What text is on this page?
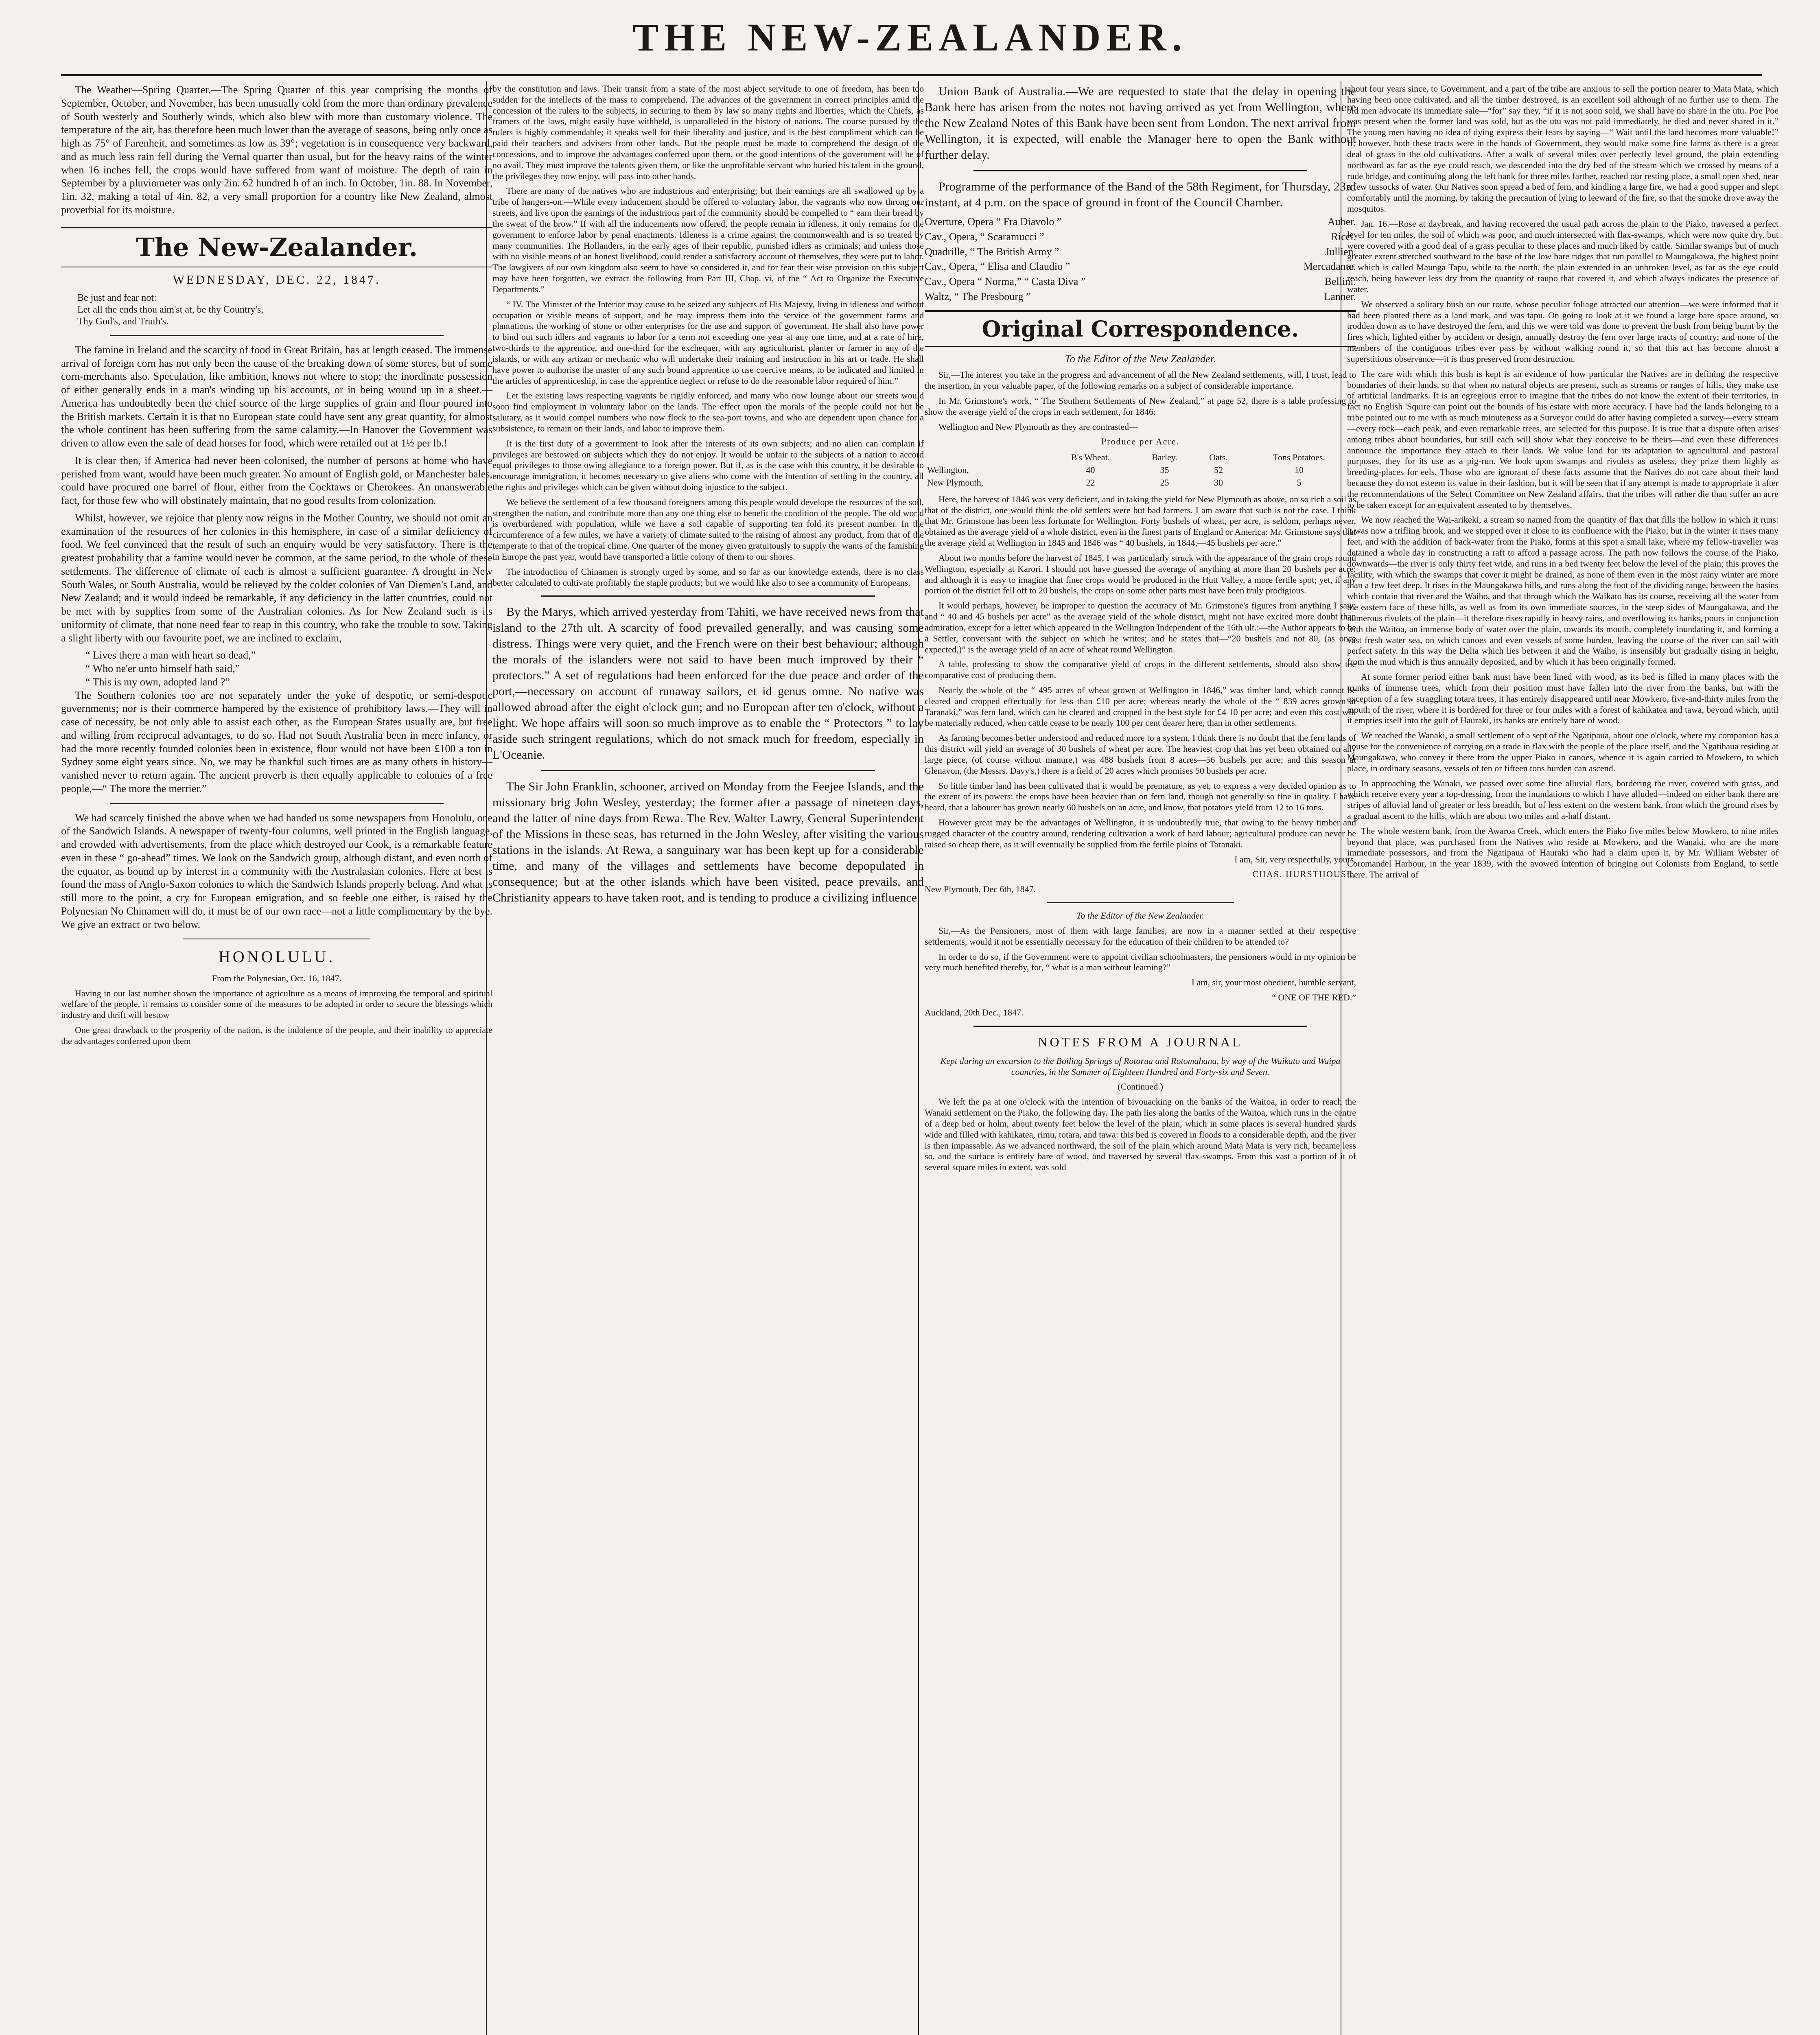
THE NEW-ZEALANDER.

The Weather—Spring Quarter.—The Spring Quarter of this year comprising the months of September, October, and November, has been unusually cold from the more than ordinary prevalence of South westerly and Southerly winds, which also blew with more than customary violence. The temperature of the air, has therefore been much lower than the average of seasons, being only once as high as 75° of Farenheit, and sometimes as low as 39°; vegetation is in consequence very backward, and as much less rain fell during the Vernal quarter than usual, but for the heavy rains of the winter when 16 inches fell, the crops would have suffered from want of moisture. The depth of rain in September by a pluviometer was only 2in. 62 hundred h of an inch. In October, 1in. 88. In November, 1in. 32, making a total of 4in. 82, a very small proportion for a country like New Zealand, almost proverbial for its moisture.

The New-Zealander.
WEDNESDAY, DEC. 22, 1847.
Be just and fear not:
Let all the ends thou aim'st at, be thy Country's,
Thy God's, and Truth's.

The famine in Ireland and the scarcity of food in Great Britain, has at length ceased. The immense arrival of foreign corn has not only been the cause of the breaking down of some stores, but of some corn-merchants also. Speculation, like ambition, knows not where to stop; the inordinate possession of either generally ends in a man's winding up his accounts, or in being wound up in a sheet.—America has undoubtedly been the chief source of the large supplies of grain and flour poured into the British markets. Certain it is that no European state could have sent any great quantity, for almost the whole continent has been suffering from the same calamity.—In Hanover the Government was driven to allow even the sale of dead horses for food, which were retailed out at 1½ per lb.!

It is clear then, if America had never been colonised, the number of persons at home who have perished from want, would have been much greater. No amount of English gold, or Manchester bales, could have procured one barrel of flour, either from the Cocktaws or Cherokees. An unanswerable fact, for those few who will obstinately maintain, that no good results from colonization.

Whilst, however, we rejoice that plenty now reigns in the Mother Country, we should not omit an examination of the resources of her colonies in this hemisphere, in case of a similar deficiency of food. We feel convinced that the result of such an enquiry would be very satisfactory. There is the greatest probability that a famine would never be common, at the same period, to the whole of these settlements. The difference of climate of each is almost a sufficient guarantee. A drought in New South Wales, or South Australia, would be relieved by the colder colonies of Van Diemen's Land, and New Zealand; and it would indeed be remarkable, if any deficiency in the latter countries, could not be met with by supplies from some of the Australian colonies. As for New Zealand such is its uniformity of climate, that none need fear to reap in this country, who take the trouble to sow. Taking a slight liberty with our favourite poet, we are inclined to exclaim,

“ Lives there a man with heart so dead,”
“ Who ne'er unto himself hath said,”
“ This is my own, adopted land ?”

The Southern colonies too are not separately under the yoke of despotic, or semi-despotic governments; nor is their commerce hampered by the existence of prohibitory laws.—They will in case of necessity, be not only able to assist each other, as the European States usually are, but free and willing from reciprocal advantages, to do so. Had not South Australia been in mere infancy, or had the more recently founded colonies been in existence, flour would not have been £100 a ton in Sydney some eight years since. No, we may be thankful such times are as many others in history—vanished never to return again. The ancient proverb is then equally applicable to colonies of a free people,—“ The more the merrier.”

We had scarcely finished the above when we had handed us some newspapers from Honolulu, one of the Sandwich Islands. A newspaper of twenty-four columns, well printed in the English language, and crowded with advertisements, from the place which destroyed our Cook, is a remarkable feature even in these “ go-ahead” times. We look on the Sandwich group, although distant, and even north of the equator, as bound up by interest in a community with the Australasian colonies. Here at best is found the mass of Anglo-Saxon colonies to which the Sandwich Islands properly belong. And what is still more to the point, a cry for European emigration, and so feeble one either, is raised by the Polynesian No Chinamen will do, it must be of our own race—not a little complimentary by the bye. We give an extract or two below.

HONOLULU.

From the Polynesian, Oct. 16, 1847.

Having in our last number shown the importance of agriculture as a means of improving the temporal and spiritual welfare of the people, it remains to consider some of the measures to be adopted in order to secure the blessings which industry and thrift will bestow

One great drawback to the prosperity of the nation, is the indolence of the people, and their inability to appreciate the advantages conferred upon them

by the constitution and laws. Their transit from a state of the most abject servitude to one of freedom, has been too sudden for the intellects of the mass to comprehend. The advances of the government in correct principles amid the concession of the rulers to the subjects, in securing to them by law so many rights and liberties, which the Chiefs, as framers of the laws, might easily have withheld, is unparalleled in the history of nations. The course pursued by the rulers is highly commendable; it speaks well for their liberality and justice, and is the best compliment which can be paid their teachers and advisers from other lands. But the people must be made to comprehend the design of the concessions, and to improve the advantages conferred upon them, or the good intentions of the government will be of no avail. They must improve the talents given them, or like the unprofitable servant who buried his talent in the ground, the privileges they now enjoy, will pass into other hands.

There are many of the natives who are industrious and enterprising; but their earnings are all swallowed up by a tribe of hangers-on.—While every inducement should be offered to voluntary labor, the vagrants who now throng our streets, and live upon the earnings of the industrious part of the community should be compelled to “ earn their bread by the sweat of the brow.” If with all the inducements now offered, the people remain in idleness, it only remains for the government to enforce labor by penal enactments. Idleness is a crime against the commonwealth and is so treated by many communities. The Hollanders, in the early ages of their republic, punished idlers as criminals; and unless those with no visible means of an honest livelihood, could render a satisfactory account of themselves, they were put to labor. The lawgivers of our own kingdom also seem to have so considered it, and for fear their wise provision on this subject may have been forgotten, we extract the following from Part III, Chap. vi, of the “ Act to Organize the Executive Departments.”

“ IV. The Minister of the Interior may cause to be seized any subjects of His Majesty, living in idleness and without occupation or visible means of support, and he may impress them into the service of the government farms and plantations, the working of stone or other enterprises for the use and support of government. He shall also have power to bind out such idlers and vagrants to labor for a term not exceeding one year at any one time, and at a rate of hire, two-thirds to the apprentice, and one-third for the exchequer, with any agriculturist, planter or farmer in any of the islands, or with any artizan or mechanic who will undertake their training and instruction in his art or trade. He shall have power to authorise the master of any such bound apprentice to use coercive means, to be indicated and limited in the articles of apprenticeship, in case the apprentice neglect or refuse to do the reasonable labor required of him.”

Let the existing laws respecting vagrants be rigidly enforced, and many who now lounge about our streets would soon find employment in voluntary labor on the lands. The effect upon the morals of the people could not but be salutary, as it would compel numbers who now flock to the sea-port towns, and who are dependent upon chance for a subsistence, to remain on their lands, and labor to improve them.

It is the first duty of a government to look after the interests of its own subjects; and no alien can complain if privileges are bestowed on subjects which they do not enjoy. It would be unfair to the subjects of a nation to accord equal privileges to those owing allegiance to a foreign power. But if, as is the case with this country, it be desirable to encourage immigration, it becomes necessary to give aliens who come with the intention of settling in the country, all the rights and privileges which can be given without doing injustice to the subject.

We believe the settlement of a few thousand foreigners among this people would develope the resources of the soil, strengthen the nation, and contribute more than any one thing else to benefit the condition of the people. The old world is overburdened with population, while we have a soil capable of supporting ten fold its present number. In the circumference of a few miles, we have a variety of climate suited to the raising of almost any product, from that of the temperate to that of the tropical clime. One quarter of the money given gratuitously to supply the wants of the famishing in Europe the past year, would have transported a little colony of them to our shores.

The introduction of Chinamen is strongly urged by some, and so far as our knowledge extends, there is no class better calculated to cultivate profitably the staple products; but we would like also to see a community of Europeans.

By the Marys, which arrived yesterday from Tahiti, we have received news from that island to the 27th ult. A scarcity of food prevailed generally, and was causing some distress. Things were very quiet, and the French were on their best behaviour; although the morals of the islanders were not said to have been much improved by their “ protectors.” A set of regulations had been enforced for the due peace and order of the port,—necessary on account of runaway sailors, et id genus omne. No native was allowed abroad after the eight o'clock gun; and no European after ten o'clock, without a light. We hope affairs will soon so much improve as to enable the “ Protectors ” to lay aside such stringent regulations, which do not smack much for freedom, especially in L'Oceanie.

The Sir John Franklin, schooner, arrived on Monday from the Feejee Islands, and the missionary brig John Wesley, yesterday; the former after a passage of nineteen days, and the latter of nine days from Rewa. The Rev. Walter Lawry, General Superintendent of the Missions in these seas, has returned in the John Wesley, after visiting the various stations in the islands. At Rewa, a sanguinary war has been kept up for a considerable time, and many of the villages and settlements have become depopulated in consequence; but at the other islands which have been visited, peace prevails, and Christianity appears to have taken root, and is tending to produce a civilizing influence.

Union Bank of Australia.—We are requested to state that the delay in opening the Bank here has arisen from the notes not having arrived as yet from Wellington, where the New Zealand Notes of this Bank have been sent from London. The next arrival from Wellington, it is expected, will enable the Manager here to open the Bank without further delay.

Programme of the performance of the Band of the 58th Regiment, for Thursday, 23rd instant, at 4 p.m. on the space of ground in front of the Council Chamber.

Overture, Opera “ Fra Diavolo ”	Auber.
Cav., Opera, “ Scaramucci ”	Ricci.
Quadrille, “ The British Army ”	Jullien.
Cav., Opera, “ Elisa and Claudio ”	Mercadante.
Cav., Opera “ Norma,” “ Casta Diva ”	Bellini.
Waltz, “ The Presbourg ”	Lanner.
Original Correspondence.

To the Editor of the New Zealander.

Sir,—The interest you take in the progress and advancement of all the New Zealand settlements, will, I trust, lead to the insertion, in your valuable paper, of the following remarks on a subject of considerable importance.

In Mr. Grimstone's work, “ The Southern Settlements of New Zealand,” at page 52, there is a table professing to show the average yield of the crops in each settlement, for 1846:

Wellington and New Plymouth as they are contrasted—

Produce per Acre.

	B's Wheat.	Barley.	Oats.	Tons Potatoes.
Wellington,	40	35	52	10
New Plymouth,	22	25	30	5

Here, the harvest of 1846 was very deficient, and in taking the yield for New Plymouth as above, on so rich a soil as that of the district, one would think the old settlers were but bad farmers. I am aware that such is not the case. I think that Mr. Grimstone has been less fortunate for Wellington. Forty bushels of wheat, per acre, is seldom, perhaps never, obtained as the average yield of a whole district, even in the finest parts of England or America: Mr. Grimstone says that the average yield at Wellington in 1845 and 1846 was “ 40 bushels, in 1844,—45 bushels per acre.”

About two months before the harvest of 1845, I was particularly struck with the appearance of the grain crops round Wellington, especially at Karori. I should not have guessed the average of anything at more than 20 bushels per acre; and although it is easy to imagine that finer crops would be produced in the Hutt Valley, a more fertile spot; yet, if any portion of the district fell off to 20 bushels, the crops on some other parts must have been truly prodigious.

It would perhaps, however, be improper to question the accuracy of Mr. Grimstone's figures from anything I saw; and “ 40 and 45 bushels per acre” as the average yield of the whole district, might not have excited more doubt than admiration, except for a letter which appeared in the Wellington Independent of the 16th ult.:—the Author appears to be a Settler, conversant with the subject on which he writes; and he states that—“20 bushels and not 80, (as once expected,)” is the average yield of an acre of wheat round Wellington.

A table, professing to show the comparative yield of crops in the different settlements, should also show the comparative cost of producing them.

Nearly the whole of the “ 495 acres of wheat grown at Wellington in 1846,” was timber land, which cannot be cleared and cropped effectually for less than £10 per acre; whereas nearly the whole of the “ 839 acres grown at Taranaki,” was fern land, which can be cleared and cropped in the best style for £4 10 per acre; and even this cost will be materially reduced, when cattle cease to be nearly 100 per cent dearer here, than in other settlements.

As farming becomes better understood and reduced more to a system, I think there is no doubt that the fern lands of this district will yield an average of 30 bushels of wheat per acre. The heaviest crop that has yet been obtained on any large piece, (of course without manure,) was 488 bushels from 8 acres—56 bushels per acre; and this season at Glenavon, (the Messrs. Davy's,) there is a field of 20 acres which promises 50 bushels per acre.

So little timber land has been cultivated that it would be premature, as yet, to express a very decided opinion as to the extent of its powers: the crops have been heavier than on fern land, though not generally so fine in quality. I have heard, that a labourer has grown nearly 60 bushels on an acre, and know, that potatoes yield from 12 to 16 tons.

However great may be the advantages of Wellington, it is undoubtedly true, that owing to the heavy timber and rugged character of the country around, rendering cultivation a work of hard labour; agricultural produce can never be raised so cheap there, as it will eventually be supplied from the fertile plains of Taranaki.

I am, Sir, very respectfully, yours,

CHAS. HURSTHOUSE.

New Plymouth, Dec 6th, 1847.

To the Editor of the New Zealander.

Sir,—As the Pensioners, most of them with large families, are now in a manner settled at their respective settlements, would it not be essentially necessary for the education of their children to be attended to?

In order to do so, if the Government were to appoint civilian schoolmasters, the pensioners would in my opinion be very much benefited thereby, for, “ what is a man without learning?”

I am, sir, your most obedient, humble servant,

“ ONE OF THE RED.”

Auckland, 20th Dec., 1847.

NOTES FROM A JOURNAL

Kept during an excursion to the Boiling Springs of Rotorua and Rotomahana, by way of the Waikato and Waipa countries, in the Summer of Eighteen Hundred and Forty-six and Seven.

(Continued.)

We left the pa at one o'clock with the intention of bivouacking on the banks of the Waitoa, in order to reach the Wanaki settlement on the Piako, the following day. The path lies along the banks of the Waitoa, which runs in the centre of a deep bed or holm, about twenty feet below the level of the plain, which in some places is several hundred yards wide and filled with kahikatea, rimu, totara, and tawa: this bed is covered in floods to a considerable depth, and the river is then impassable. As we advanced northward, the soil of the plain which around Mata Mata is very rich, became less so, and the surface is entirely bare of wood, and traversed by several flax-swamps. From this vast a portion of it of several square miles in extent, was sold

about four years since, to Government, and a part of the tribe are anxious to sell the portion nearer to Mata Mata, which having been once cultivated, and all the timber destroyed, is an excellent soil although of no further use to them. The old men advocate its immediate sale—“for” say they, “if it is not soon sold, we shall have no share in the utu. Poe Poe was present when the former land was sold, but as the utu was not paid immediately, he died and never shared in it.” The young men having no idea of dying express their fears by saying—“ Wait until the land becomes more valuable!” If, however, both these tracts were in the hands of Government, they would make some fine farms as there is a great deal of grass in the old cultivations. After a walk of several miles over perfectly level ground, the plain extending northward as far as the eye could reach, we descended into the dry bed of the stream which we crossed by means of a rude bridge, and continuing along the left bank for three miles farther, reached our resting place, a small open shed, near a few tussocks of water. Our Natives soon spread a bed of fern, and kindling a large fire, we had a good supper and slept comfortably until the morning, by taking the precaution of lying to leeward of the fire, so that the smoke drove away the mosquitos.

Jan. 16.—Rose at daybreak, and having recovered the usual path across the plain to the Piako, traversed a perfect level for ten miles, the soil of which was poor, and much intersected with flax-swamps, which were now quite dry, but were covered with a good deal of a grass peculiar to these places and much liked by cattle. Similar swamps but of much greater extent stretched southward to the base of the low bare ridges that run parallel to Maungakawa, the highest point of which is called Maunga Tapu, while to the north, the plain extended in an unbroken level, as far as the eye could reach, being however less dry from the quantity of raupo that covered it, and which always indicates the presence of water.

We observed a solitary bush on our route, whose peculiar foliage attracted our attention—we were informed that it had been planted there as a land mark, and was tapu. On going to look at it we found a large bare space around, so trodden down as to have destroyed the fern, and this we were told was done to prevent the bush from being burnt by the fires which, lighted either by accident or design, annually destroy the fern over large tracts of country; and none of the members of the contiguous tribes ever pass by without walking round it, so that this act has become almost a superstitious observance—it is thus preserved from destruction.

The care with which this bush is kept is an evidence of how particular the Natives are in defining the respective boundaries of their lands, so that when no natural objects are present, such as streams or ranges of hills, they make use of artificial landmarks. It is an egregious error to imagine that the tribes do not know the extent of their territories, in fact no English 'Squire can point out the bounds of his estate with more accuracy. I have had the lands belonging to a tribe pointed out to me with as much minuteness as a Surveyor could do after having completed a survey—every stream—every rock—each peak, and even remarkable trees, are selected for this purpose. It is true that a dispute often arises among tribes about boundaries, but still each will show what they conceive to be theirs—and even these differences announce the importance they attach to their lands. We value land for its adaptation to agricultural and pastoral purposes, they for its use as a pig-run. We look upon swamps and rivulets as useless, they prize them highly as breeding-places for eels. Those who are ignorant of these facts assume that the Natives do not care about their land because they do not esteem its value in their fashion, but it will be seen that if any attempt is made to appropriate it after the recommendations of the Select Committee on New Zealand affairs, that the tribes will rather die than suffer an acre to be taken except for an equivalent assented to by themselves.

We now reached the Wai-arikeki, a stream so named from the quantity of flax that fills the hollow in which it runs: it was now a trifling brook, and we stepped over it close to its confluence with the Piako; but in the winter it rises many feet, and with the addition of back-water from the Piako, forms at this spot a small lake, where my fellow-traveller was detained a whole day in constructing a raft to afford a passage across. The path now follows the course of the Piako, downwards—the river is only thirty feet wide, and runs in a bed twenty feet below the level of the plain; this proves the facility, with which the swamps that cover it might be drained, as none of them even in the most rainy winter are more than a few feet deep. It rises in the Maungakawa hills, and runs along the foot of the dividing range, between the basins which contain that river and the Waiho, and that through which the Waikato has its course, receiving all the water from the eastern face of these hills, as well as from its own immediate sources, in the steep sides of Maungakawa, and the numerous rivulets of the plain—it therefore rises rapidly in heavy rains, and overflowing its banks, pours in conjunction with the Waitoa, an immense body of water over the plain, towards its mouth, completely inundating it, and forming a vast fresh water sea, on which canoes and even vessels of some burden, leaving the course of the river can sail with perfect safety. In this way the Delta which lies between it and the Waiho, is insensibly but gradually rising in height, from the mud which is thus annually deposited, and by which it has been originally formed.

At some former period either bank must have been lined with wood, as its bed is filled in many places with the trunks of immense trees, which from their position must have fallen into the river from the banks, but with the exception of a few straggling totara trees, it has entirely disappeared until near Mowkero, five-and-thirty miles from the mouth of the river, where it is bordered for three or four miles with a forest of kahikatea and tawa, beyond which, until it empties itself into the gulf of Hauraki, its banks are entirely bare of wood.

We reached the Wanaki, a small settlement of a sept of the Ngatipaua, about one o'clock, where my companion has a house for the convenience of carrying on a trade in flax with the people of the place itself, and the Ngatihaua residing at Maungakawa, who convey it there from the upper Piako in canoes, whence it is again carried to Mowkero, to which place, in ordinary seasons, vessels of ten or fifteen tons burden can ascend.

In approaching the Wanaki, we passed over some fine alluvial flats, bordering the river, covered with grass, and which receive every year a top-dressing, from the inundations to which I have alluded—indeed on either bank there are stripes of alluvial land of greater or less breadth, but of less extent on the western bank, from which the ground rises by a gradual ascent to the hills, which are about two miles and a-half distant.

The whole western bank, from the Awaroa Creek, which enters the Piako five miles below Mowkero, to nine miles beyond that place, was purchased from the Natives who reside at Mowkero, and the Wanaki, who are the more immediate possessors, and from the Ngatipaua of Hauraki who had a claim upon it, by Mr. William Webster of Coromandel Harbour, in the year 1839, with the avowed intention of bringing out Colonists from England, to settle there. The arrival of
